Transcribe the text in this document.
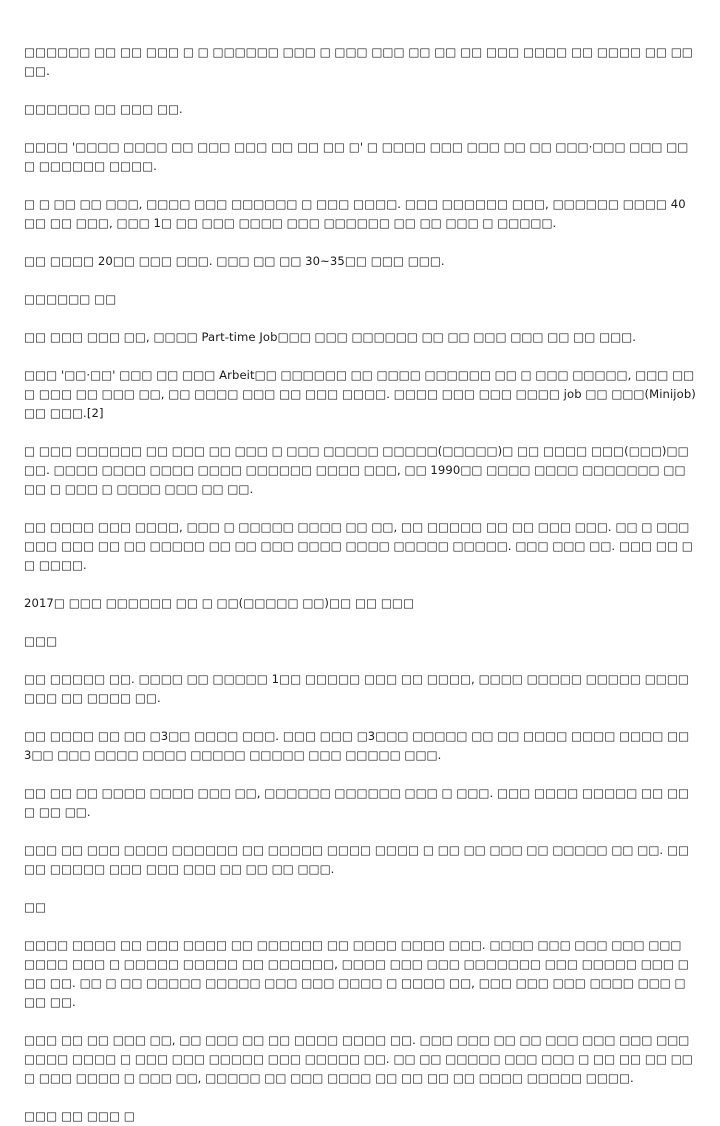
□□□□□□ □□ □□ □□□ □ □ □□□□□□ □□□ □ □□□ □□□ □□ □□ □□ □□□ □□□□ □□ □□□□ □□ □□□□.

□□□□□□ □□ □□□ □□.

□□□□ '□□□□ □□□□ □□ □□□ □□□ □□ □□ □□ □' □ □□□□ □□□ □□□ □□ □□ □□□·□□□ □□□ □□□ □□□□□□ □□□□.

□ □ □□ □□ □□□, □□□□ □□□ □□□□□□ □ □□□ □□□□. □□□ □□□□□□ □□□, □□□□□□ □□□□ 40□□ □□ □□□, □□□ 1□ □□ □□□ □□□□ □□□ □□□□□□ □□ □□ □□□ □ □□□□□.

□□ □□□□ 20□□ □□□ □□□. □□□ □□ □□ 30~35□□ □□□ □□□.

□□□□□□ □□

□□ □□□ □□□ □□, □□□□ Part-time Job□□□ □□□ □□□□□□ □□ □□ □□□ □□□ □□ □□ □□□.

□□□ '□□·□□' □□□ □□ □□□ Arbeit□□ □□□□□□ □□ □□□□ □□□□□□ □□ □ □□□ □□□□□, □□□ □□□ □□□ □□ □□□ □□, □□ □□□□ □□□ □□ □□□ □□□□. □□□□ □□□ □□□ □□□□ job □□ □□□(Minijob)□□ □□□.[2]

□ □□□ □□□□□□ □□ □□□ □□ □□□ □ □□□ □□□□□ □□□□□(□□□□□)□ □□ □□□□ □□□(□□□)□□ □□. □□□□ □□□□ □□□□ □□□□ □□□□□□ □□□□ □□□, □□ 1990□□ □□□□ □□□□ □□□□□□□ □□□□ □ □□□ □ □□□□ □□□ □□ □□.

□□ □□□□ □□□ □□□□, □□□ □ □□□□□ □□□□ □□ □□, □□ □□□□□ □□ □□ □□□ □□□. □□ □ □□□ □□□ □□□ □□ □□ □□□□□ □□ □□ □□□ □□□□ □□□□ □□□□□ □□□□□. □□□ □□□ □□. □□□ □□ □□ □□□□.

2017□ □□□ □□□□□□ □□ □ □□(□□□□□ □□)□□ □□ □□□

□□□

□□ □□□□□ □□. □□□□ □□ □□□□□ 1□□ □□□□□ □□□ □□ □□□□, □□□□ □□□□□ □□□□□ □□□□ □□□ □□ □□□□ □□.

□□ □□□□ □□ □□ □3□□ □□□□ □□□. □□□ □□□ □3□□□ □□□□□ □□ □□ □□□□ □□□□ □□□□ □□ 3□□ □□□ □□□□ □□□□ □□□□□ □□□□□ □□□ □□□□□ □□□.

□□ □□ □□ □□□□ □□□□ □□□ □□, □□□□□□ □□□□□□ □□□ □ □□□. □□□ □□□□ □□□□□ □□ □□□ □□ □□.

□□□ □□ □□□ □□□□ □□□□□□ □□ □□□□□ □□□□ □□□□ □ □□ □□ □□□ □□ □□□□□ □□ □□. □□ □□ □□□□□ □□□ □□□ □□□ □□ □□ □□ □□□.

□□

□□□□ □□□□ □□ □□□ □□□□ □□ □□□□□□ □□ □□□□ □□□□ □□□. □□□□ □□□ □□□ □□□ □□□ □□□□ □□□ □ □□□□□ □□□□□ □□ □□□□□□, □□□□ □□□ □□□ □□□□□□□ □□□ □□□□□ □□□ □□□ □□. □□ □ □□ □□□□□ □□□□□ □□□ □□□ □□□□ □ □□□□ □□, □□□ □□□ □□□ □□□□ □□□ □□□ □□.

□□□ □□ □□ □□□ □□, □□ □□□ □□ □□ □□□□ □□□□ □□. □□□ □□□ □□ □□ □□□ □□□ □□□ □□□ □□□□ □□□□ □ □□□ □□□ □□□□□ □□□ □□□□□ □□. □□ □□ □□□□□ □□□ □□□ □ □□ □□ □□ □□□ □□□ □□□□ □ □□□ □□, □□□□□ □□ □□□ □□□□ □□ □□ □□ □□ □□□□ □□□□□ □□□□.

□□□ □□ □□□ □
